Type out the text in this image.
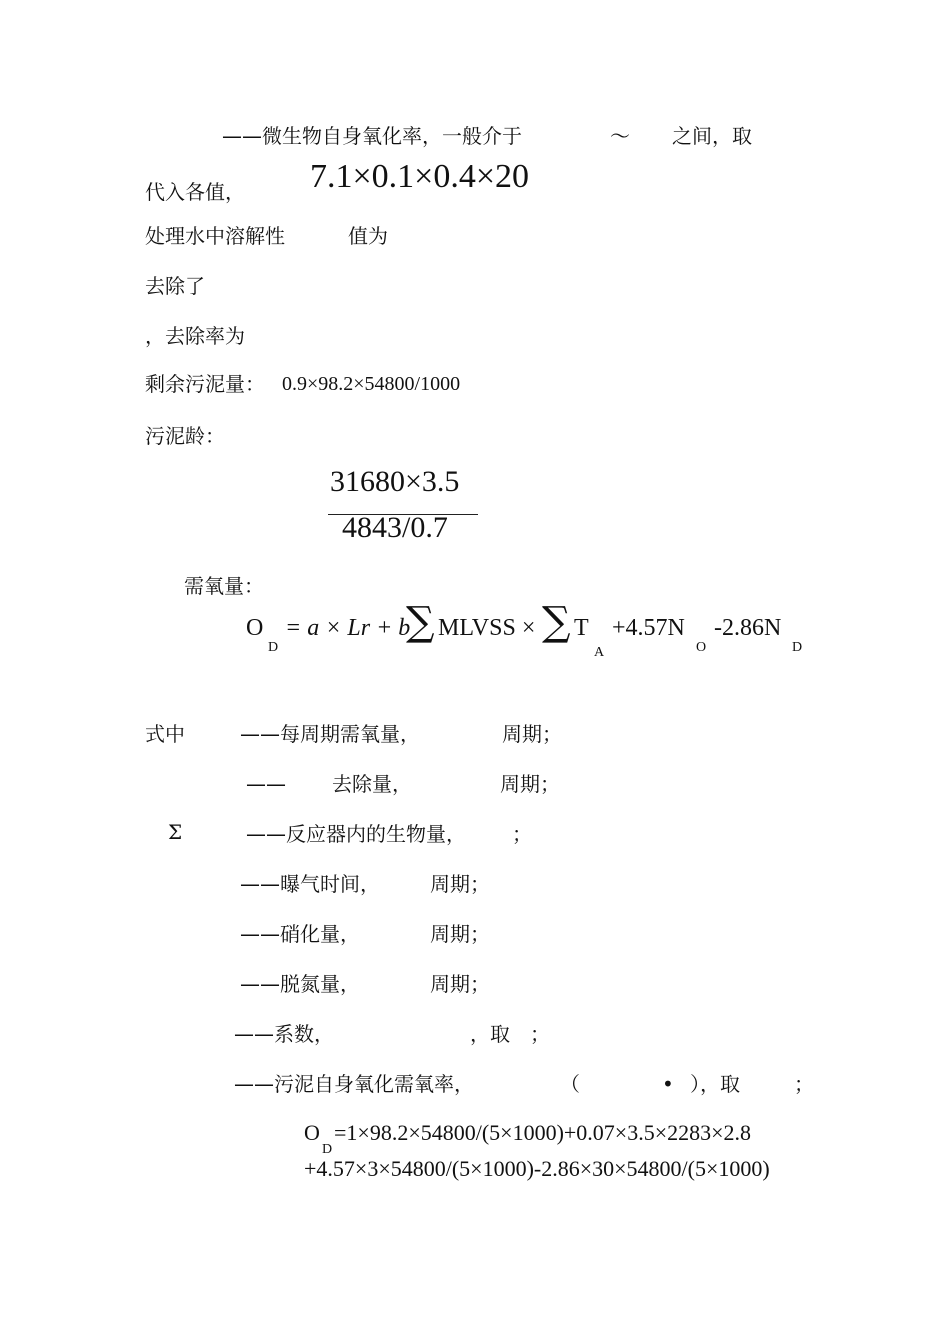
——微生物自身氧化率，一般介于	～ 之间，取
代入各值， 7.1×0.1×0.4×20
处理水中溶解性	值为
去除了
，去除率为
剩余污泥量： 0.9×98.2×54800/1000
污泥龄：
31680×3.5
4843/0.7
需氧量：
O
D
= a × Lr + b
∑ MLVSS × ∑ T
A
+4.57N
O
-2.86N
D
式中	——每周期需氧量，	周期；
—— 去除量，	周期；
Σ	——反应器内的生物量， ；
——曝气时间，	周期；
——硝化量，	周期；
——脱氮量，	周期；
——系数，	，取 ；
——污泥自身氧化需氧率，	（	• ），取	；
O
D
=1×98.2×54800/(5×1000)+0.07×3.5×2283×2.8
+4.57×3×54800/(5×1000)-2.86×30×54800/(5×1000)
